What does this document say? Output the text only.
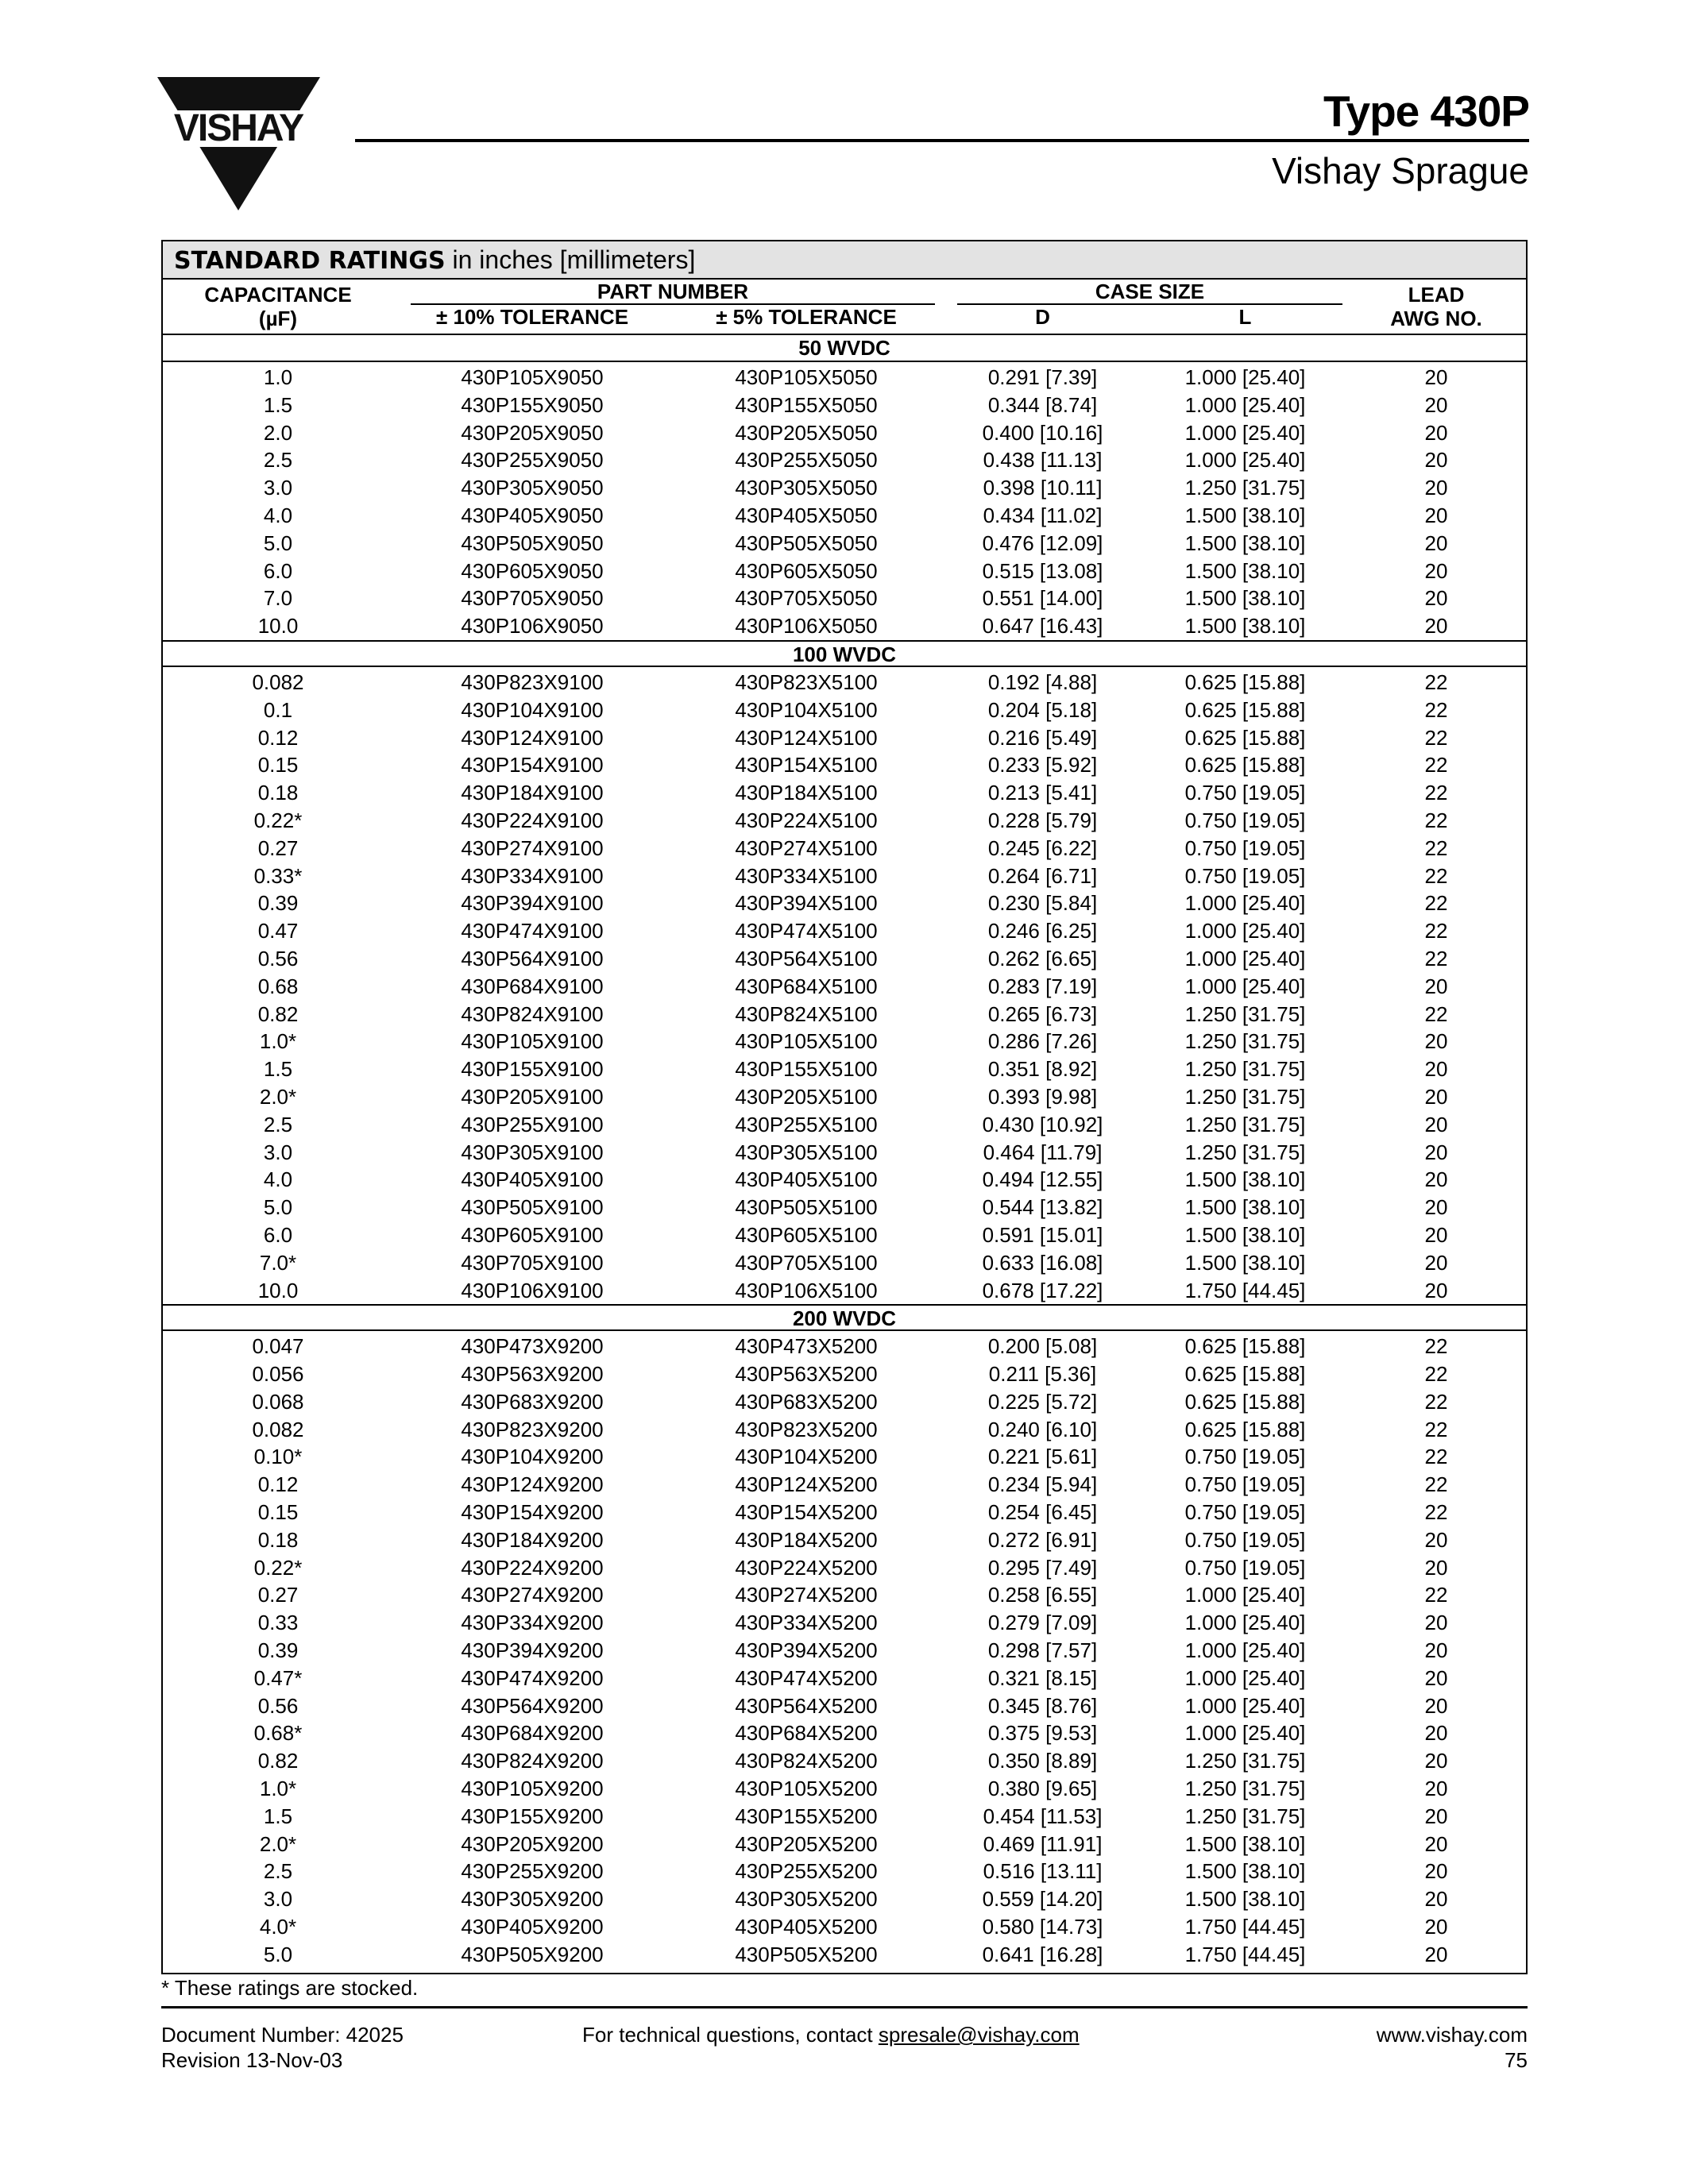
VISHAY	Type 430P
Vishay Sprague
STANDARD RATINGS in inches [millimeters]
CAPACITANCE
(µF)
PART NUMBER
± 10% TOLERANCE	± 5% TOLERANCE
CASE SIZE
D	L
LEAD
AWG NO.
50 WVDC
1.0	430P105X9050	430P105X5050	0.291 [7.39]	1.000 [25.40]	20
1.5	430P155X9050	430P155X5050	0.344 [8.74]	1.000 [25.40]	20
2.0	430P205X9050	430P205X5050	0.400 [10.16]	1.000 [25.40]	20
2.5	430P255X9050	430P255X5050	0.438 [11.13]	1.000 [25.40]	20
3.0	430P305X9050	430P305X5050	0.398 [10.11]	1.250 [31.75]	20
4.0	430P405X9050	430P405X5050	0.434 [11.02]	1.500 [38.10]	20
5.0	430P505X9050	430P505X5050	0.476 [12.09]	1.500 [38.10]	20
6.0	430P605X9050	430P605X5050	0.515 [13.08]	1.500 [38.10]	20
7.0	430P705X9050	430P705X5050	0.551 [14.00]	1.500 [38.10]	20
10.0	430P106X9050	430P106X5050	0.647 [16.43]	1.500 [38.10]	20
100 WVDC
0.082	430P823X9100	430P823X5100	0.192 [4.88]	0.625 [15.88]	22
0.1	430P104X9100	430P104X5100	0.204 [5.18]	0.625 [15.88]	22
0.12	430P124X9100	430P124X5100	0.216 [5.49]	0.625 [15.88]	22
0.15	430P154X9100	430P154X5100	0.233 [5.92]	0.625 [15.88]	22
0.18	430P184X9100	430P184X5100	0.213 [5.41]	0.750 [19.05]	22
0.22*	430P224X9100	430P224X5100	0.228 [5.79]	0.750 [19.05]	22
0.27	430P274X9100	430P274X5100	0.245 [6.22]	0.750 [19.05]	22
0.33*	430P334X9100	430P334X5100	0.264 [6.71]	0.750 [19.05]	22
0.39	430P394X9100	430P394X5100	0.230 [5.84]	1.000 [25.40]	22
0.47	430P474X9100	430P474X5100	0.246 [6.25]	1.000 [25.40]	22
0.56	430P564X9100	430P564X5100	0.262 [6.65]	1.000 [25.40]	22
0.68	430P684X9100	430P684X5100	0.283 [7.19]	1.000 [25.40]	20
0.82	430P824X9100	430P824X5100	0.265 [6.73]	1.250 [31.75]	22
1.0*	430P105X9100	430P105X5100	0.286 [7.26]	1.250 [31.75]	20
1.5	430P155X9100	430P155X5100	0.351 [8.92]	1.250 [31.75]	20
2.0*	430P205X9100	430P205X5100	0.393 [9.98]	1.250 [31.75]	20
2.5	430P255X9100	430P255X5100	0.430 [10.92]	1.250 [31.75]	20
3.0	430P305X9100	430P305X5100	0.464 [11.79]	1.250 [31.75]	20
4.0	430P405X9100	430P405X5100	0.494 [12.55]	1.500 [38.10]	20
5.0	430P505X9100	430P505X5100	0.544 [13.82]	1.500 [38.10]	20
6.0	430P605X9100	430P605X5100	0.591 [15.01]	1.500 [38.10]	20
7.0*	430P705X9100	430P705X5100	0.633 [16.08]	1.500 [38.10]	20
10.0	430P106X9100	430P106X5100	0.678 [17.22]	1.750 [44.45]	20
200 WVDC
0.047	430P473X9200	430P473X5200	0.200 [5.08]	0.625 [15.88]	22
0.056	430P563X9200	430P563X5200	0.211 [5.36]	0.625 [15.88]	22
0.068	430P683X9200	430P683X5200	0.225 [5.72]	0.625 [15.88]	22
0.082	430P823X9200	430P823X5200	0.240 [6.10]	0.625 [15.88]	22
0.10*	430P104X9200	430P104X5200	0.221 [5.61]	0.750 [19.05]	22
0.12	430P124X9200	430P124X5200	0.234 [5.94]	0.750 [19.05]	22
0.15	430P154X9200	430P154X5200	0.254 [6.45]	0.750 [19.05]	22
0.18	430P184X9200	430P184X5200	0.272 [6.91]	0.750 [19.05]	20
0.22*	430P224X9200	430P224X5200	0.295 [7.49]	0.750 [19.05]	20
0.27	430P274X9200	430P274X5200	0.258 [6.55]	1.000 [25.40]	22
0.33	430P334X9200	430P334X5200	0.279 [7.09]	1.000 [25.40]	20
0.39	430P394X9200	430P394X5200	0.298 [7.57]	1.000 [25.40]	20
0.47*	430P474X9200	430P474X5200	0.321 [8.15]	1.000 [25.40]	20
0.56	430P564X9200	430P564X5200	0.345 [8.76]	1.000 [25.40]	20
0.68*	430P684X9200	430P684X5200	0.375 [9.53]	1.000 [25.40]	20
0.82	430P824X9200	430P824X5200	0.350 [8.89]	1.250 [31.75]	20
1.0*	430P105X9200	430P105X5200	0.380 [9.65]	1.250 [31.75]	20
1.5	430P155X9200	430P155X5200	0.454 [11.53]	1.250 [31.75]	20
2.0*	430P205X9200	430P205X5200	0.469 [11.91]	1.500 [38.10]	20
2.5	430P255X9200	430P255X5200	0.516 [13.11]	1.500 [38.10]	20
3.0	430P305X9200	430P305X5200	0.559 [14.20]	1.500 [38.10]	20
4.0*	430P405X9200	430P405X5200	0.580 [14.73]	1.750 [44.45]	20
5.0	430P505X9200	430P505X5200	0.641 [16.28]	1.750 [44.45]	20
* These ratings are stocked.
Document Number: 42025
Revision 13-Nov-03
For technical questions, contact spresale@vishay.com	www.vishay.com
75
